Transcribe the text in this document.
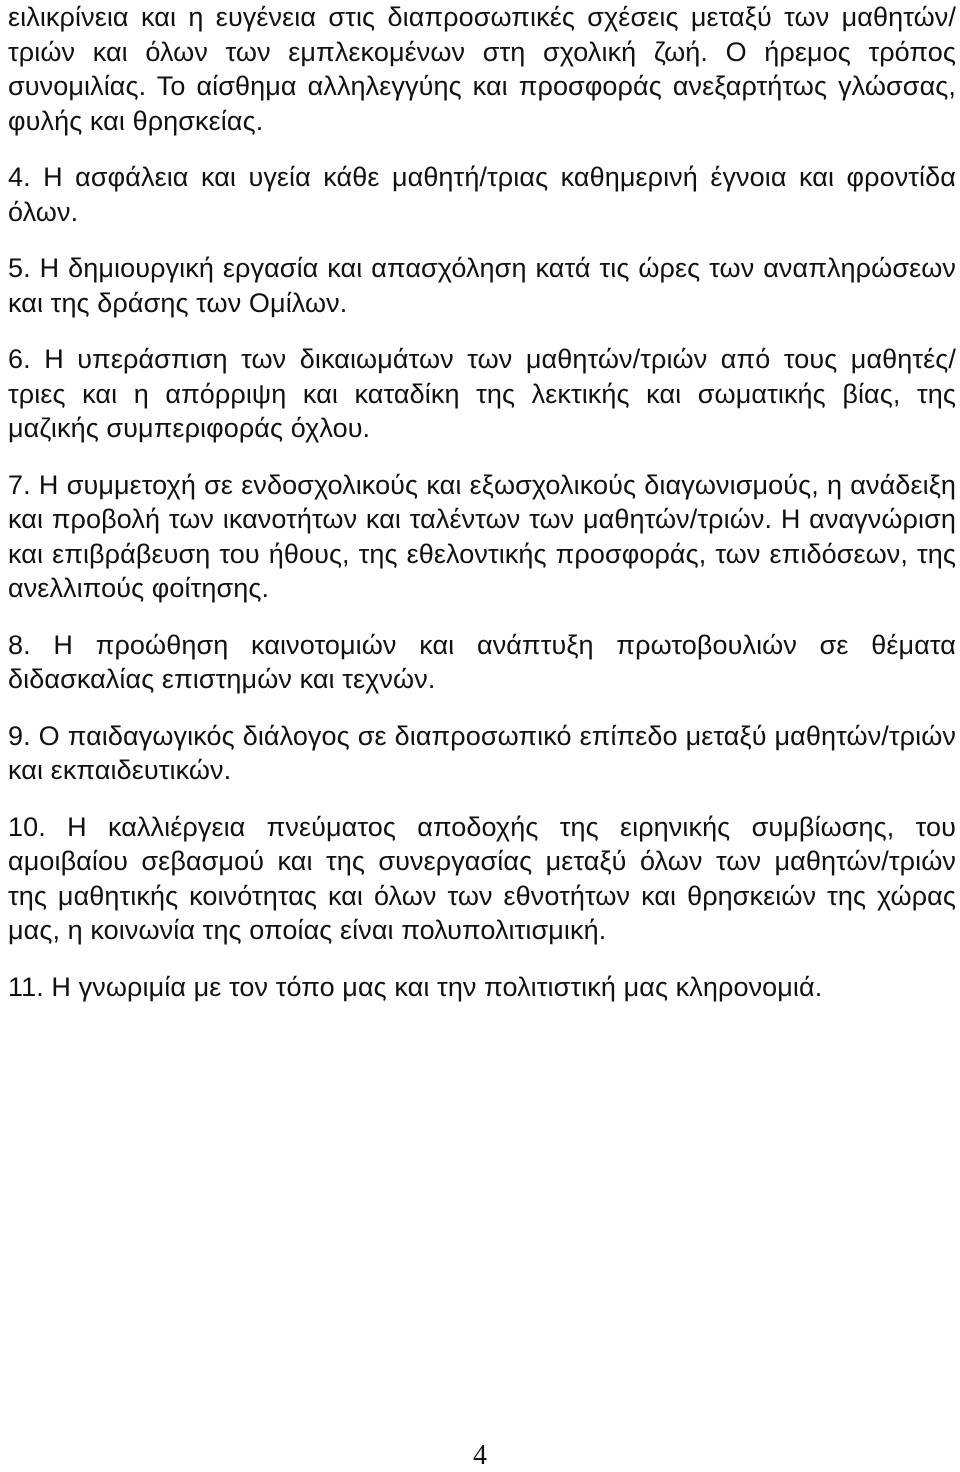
ειλικρίνεια και η ευγένεια στις διαπροσωπικές σχέσεις μεταξύ των μαθητών/τριών και όλων των εμπλεκομένων στη σχολική ζωή. Ο ήρεμος τρόπος συνομιλίας. Το αίσθημα αλληλεγγύης και προσφοράς ανεξαρτήτως γλώσσας, φυλής και θρησκείας.

4. Η ασφάλεια και υγεία κάθε μαθητή/τριας καθημερινή έγνοια και φροντίδα όλων.

5. Η δημιουργική εργασία και απασχόληση κατά τις ώρες των αναπληρώσεων και της δράσης των Ομίλων.

6. Η υπεράσπιση των δικαιωμάτων των μαθητών/τριών από τους μαθητές/τριες και η απόρριψη και καταδίκη της λεκτικής και σωματικής βίας, της μαζικής συμπεριφοράς όχλου.

7. Η συμμετοχή σε ενδοσχολικούς και εξωσχολικούς διαγωνισμούς, η ανάδειξη και προβολή των ικανοτήτων και ταλέντων των μαθητών/τριών. Η αναγνώριση και επιβράβευση του ήθους, της εθελοντικής προσφοράς, των επιδόσεων, της ανελλιπούς φοίτησης.

8. Η προώθηση καινοτομιών και ανάπτυξη πρωτοβουλιών σε θέματα διδασκαλίας επιστημών και τεχνών.

9. Ο παιδαγωγικός διάλογος σε διαπροσωπικό επίπεδο μεταξύ μαθητών/τριών και εκπαιδευτικών.

10. Η καλλιέργεια πνεύματος αποδοχής της ειρηνικής συμβίωσης, του αμοιβαίου σεβασμού και της συνεργασίας μεταξύ όλων των μαθητών/τριών της μαθητικής κοινότητας και όλων των εθνοτήτων και θρησκειών της χώρας μας, η κοινωνία της οποίας είναι πολυπολιτισμική.

11. Η γνωριμία με τον τόπο μας και την πολιτιστική μας κληρονομιά.

4
